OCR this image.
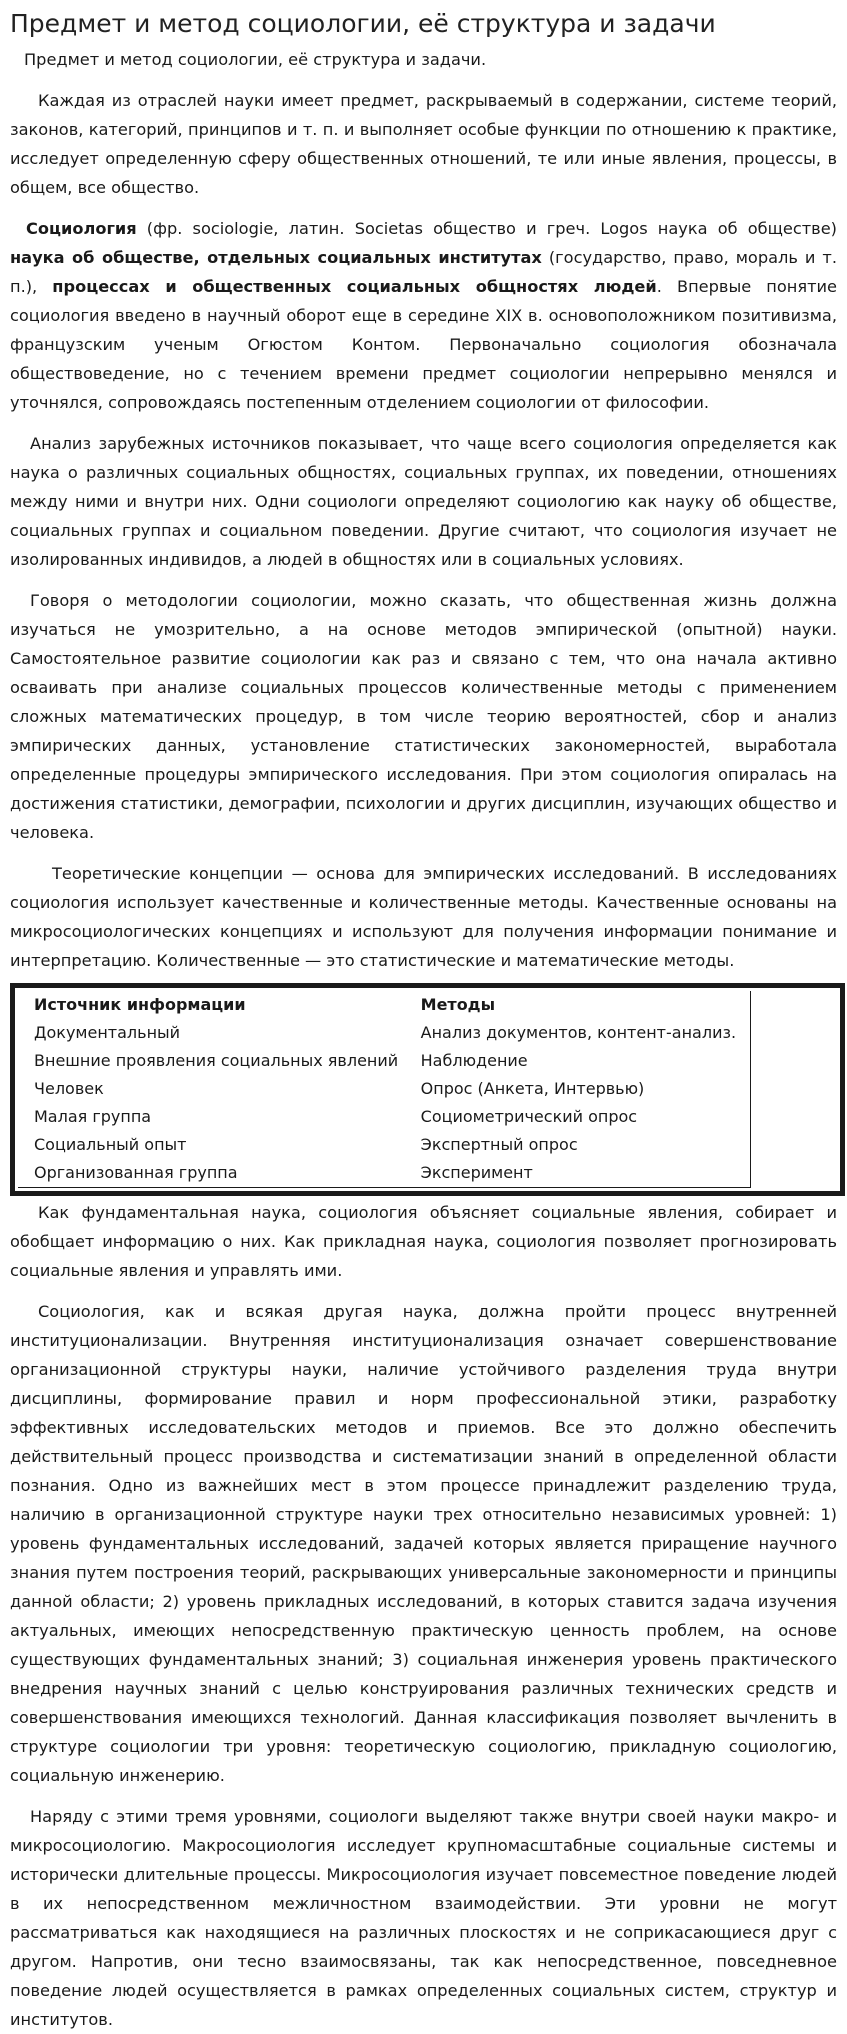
Предмет и метод социологии, её структура и задачи

Предмет и метод социологии, её структура и задачи.

Каждая из отраслей науки имеет предмет, раскрываемый в содержании, системе теорий, законов, категорий, принципов и т. п. и выполняет особые функции по отношению к практике, исследует определенную сферу общественных отношений, те или иные явления, процессы, в общем, все общество.

Социология (фр. sociologie, латин. Societas общество и греч. Logos наука об обществе) наука об обществе, отдельных социальных институтах (государство, право, мораль и т. п.), процессах и общественных социальных общностях людей. Впервые понятие социология введено в научный оборот еще в середине XIX в. основоположником позитивизма, французским ученым Огюстом Контом. Первоначально социология обозначала обществоведение, но с течением времени предмет социологии непрерывно менялся и уточнялся, сопровождаясь постепенным отделением социологии от философии.

Анализ зарубежных источников показывает, что чаще всего социология определяется как наука о различных социальных общностях, социальных группах, их поведении, отношениях между ними и внутри них. Одни социологи определяют социологию как науку об обществе, социальных группах и социальном поведении. Другие считают, что социология изучает не изолированных индивидов, а людей в общностях или в социальных условиях.

Говоря о методологии социологии, можно сказать, что общественная жизнь должна изучаться не умозрительно, а на основе методов эмпирической (опытной) науки. Самостоятельное развитие социологии как раз и связано с тем, что она начала активно осваивать при анализе социальных процессов количественные методы с применением сложных математических процедур, в том числе теорию вероятностей, сбор и анализ эмпирических данных, установление статистических закономерностей, выработала определенные процедуры эмпирического исследования. При этом социология опиралась на достижения статистики, демографии, психологии и других дисциплин, изучающих общество и человека.

Теоретические концепции — основа для эмпирических исследований. В исследованиях социология использует качественные и количественные методы. Качественные основаны на микросоциологических концепциях и используют для получения информации понимание и интерпретацию. Количественные — это статистические и математические методы.

Источник информации	Методы
Документальный	Анализ документов, контент-анализ.
Внешние проявления социальных явлений	Наблюдение
Человек	Опрос (Анкета, Интервью)
Малая группа	Социометрический опрос
Социальный опыт	Экспертный опрос
Организованная группа	Эксперимент

Как фундаментальная наука, социология объясняет социальные явления, собирает и обобщает информацию о них. Как прикладная наука, социология позволяет прогнозировать социальные явления и управлять ими.

Социология, как и всякая другая наука, должна пройти процесс внутренней институционализации. Внутренняя институционализация означает совершенствование организационной структуры науки, наличие устойчивого разделения труда внутри дисциплины, формирование правил и норм профессиональной этики, разработку эффективных исследовательских методов и приемов. Все это должно обеспечить действительный процесс производства и систематизации знаний в определенной области познания. Одно из важнейших мест в этом процессе принадлежит разделению труда, наличию в организационной структуре науки трех относительно независимых уровней: 1) уровень фундаментальных исследований, задачей которых является приращение научного знания путем построения теорий, раскрывающих универсальные закономерности и принципы данной области; 2) уровень прикладных исследований, в которых ставится задача изучения актуальных, имеющих непосредственную практическую ценность проблем, на основе существующих фундаментальных знаний; 3) социальная инженерия уровень практического внедрения научных знаний с целью конструирования различных технических средств и совершенствования имеющихся технологий. Данная классификация позволяет вычленить в структуре социологии три уровня: теоретическую социологию, прикладную социологию, социальную инженерию.

Наряду с этими тремя уровнями, социологи выделяют также внутри своей науки макро- и микросоциологию. Макросоциология исследует крупномасштабные социальные системы и исторически длительные процессы. Микросоциология изучает повсеместное поведение людей в их непосредственном межличностном взаимодействии. Эти уровни не могут рассматриваться как находящиеся на различных плоскостях и не соприкасающиеся друг с другом. Напротив, они тесно взаимосвязаны, так как непосредственное, повседневное поведение людей осуществляется в рамках определенных социальных систем, структур и институтов.
